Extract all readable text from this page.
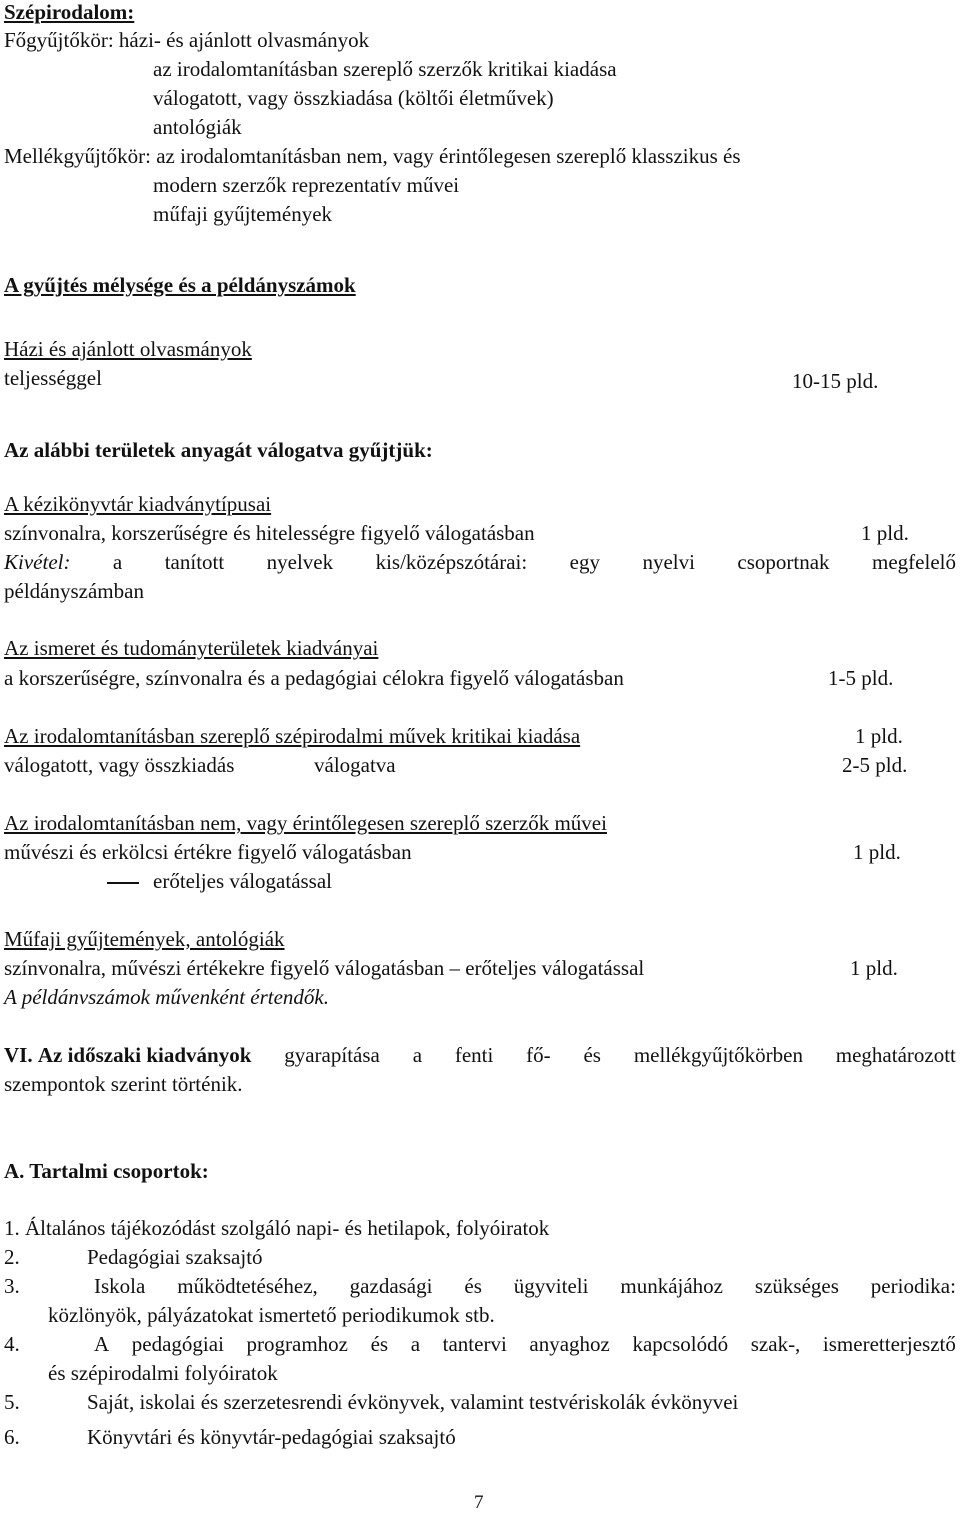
Szépirodalom:
Főgyűjtőkör: házi- és ajánlott olvasmányok
az irodalomtanításban szereplő szerzők kritikai kiadása
válogatott, vagy összkiadása (költői életművek)
antológiák
Mellékgyűjtőkör: az irodalomtanításban nem, vagy érintőlegesen szereplő klasszikus és
modern szerzők reprezentatív művei
műfaji gyűjtemények
A gyűjtés mélysége és a példányszámok
Házi és ajánlott olvasmányok
teljességgel	10-15 pld.
Az alábbi területek anyagát válogatva gyűjtjük:
A kézikönyvtár kiadványtípusai
színvonalra, korszerűségre és hitelességre figyelő válogatásban	1 pld.
Kivétel: a tanított nyelvek kis/középszótárai: egy nyelvi csoportnak megfelelő
példányszámban
Az ismeret és tudományterületek kiadványai
a korszerűségre, színvonalra és a pedagógiai célokra figyelő válogatásban	1-5 pld.
Az irodalomtanításban szereplő szépirodalmi művek kritikai kiadása	1 pld.
válogatott, vagy összkiadás	válogatva	2-5 pld.
Az irodalomtanításban nem, vagy érintőlegesen szereplő szerzők művei
művészi és erkölcsi értékre figyelő válogatásban	1 pld.
erőteljes válogatással
Műfaji gyűjtemények, antológiák
színvonalra, művészi értékekre figyelő válogatásban – erőteljes válogatással	1 pld.
A példánvszámok művenként értendők.
VI. Az időszaki kiadványok gyarapítása a fenti fő- és mellékgyűjtőkörben meghatározott
szempontok szerint történik.
A. Tartalmi csoportok:
1. Általános tájékozódást szolgáló napi- és hetilapok, folyóiratok
2.	Pedagógiai szaksajtó
3.	Iskola működtetéséhez, gazdasági és ügyviteli munkájához szükséges periodika:
közlönyök, pályázatokat ismertető periodikumok stb.
4.	A pedagógiai programhoz és a tantervi anyaghoz kapcsolódó szak-, ismeretterjesztő
és szépirodalmi folyóiratok
5.	Saját, iskolai és szerzetesrendi évkönyvek, valamint testvériskolák évkönyvei
6.	Könyvtári és könyvtár-pedagógiai szaksajtó
7
